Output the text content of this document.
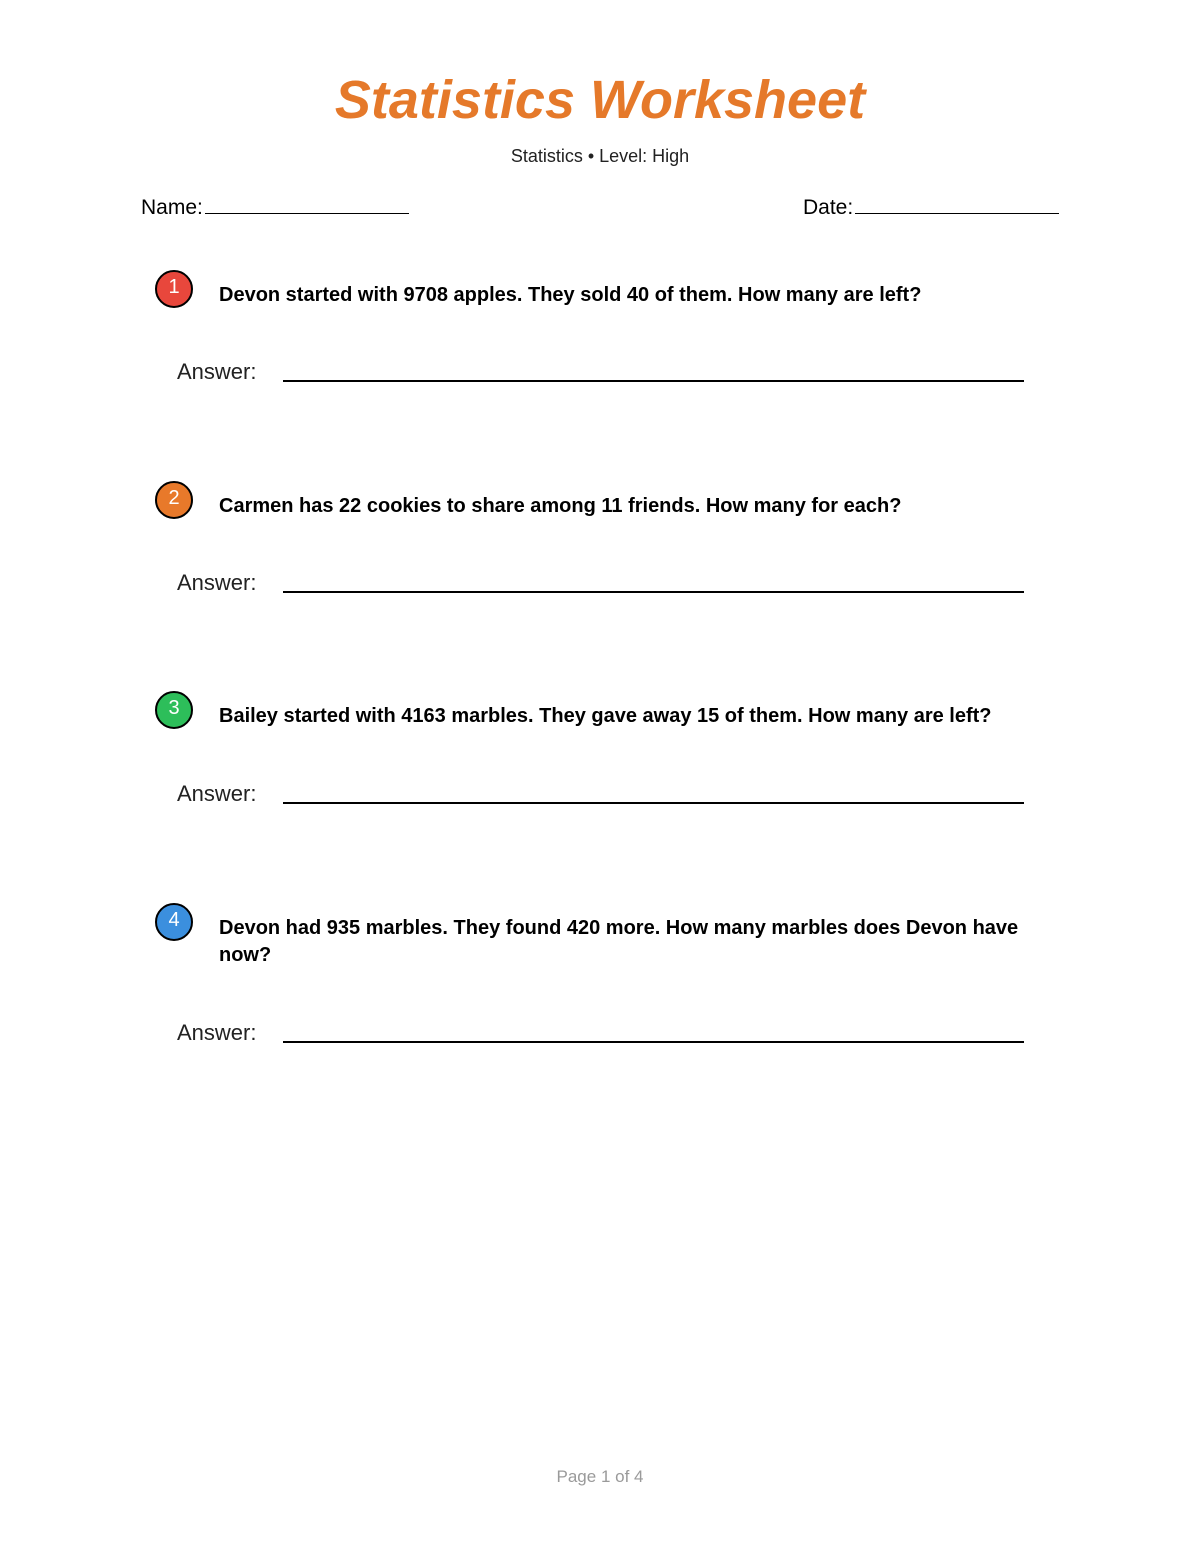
Statistics Worksheet
Statistics • Level: High
Name:	Date:
1	Devon started with 9708 apples. They sold 40 of them. How many are left?
Answer:
2	Carmen has 22 cookies to share among 11 friends. How many for each?
Answer:
3	Bailey started with 4163 marbles. They gave away 15 of them. How many are left?
Answer:
4	Devon had 935 marbles. They found 420 more. How many marbles does Devon have now?
Answer:
Page 1 of 4
